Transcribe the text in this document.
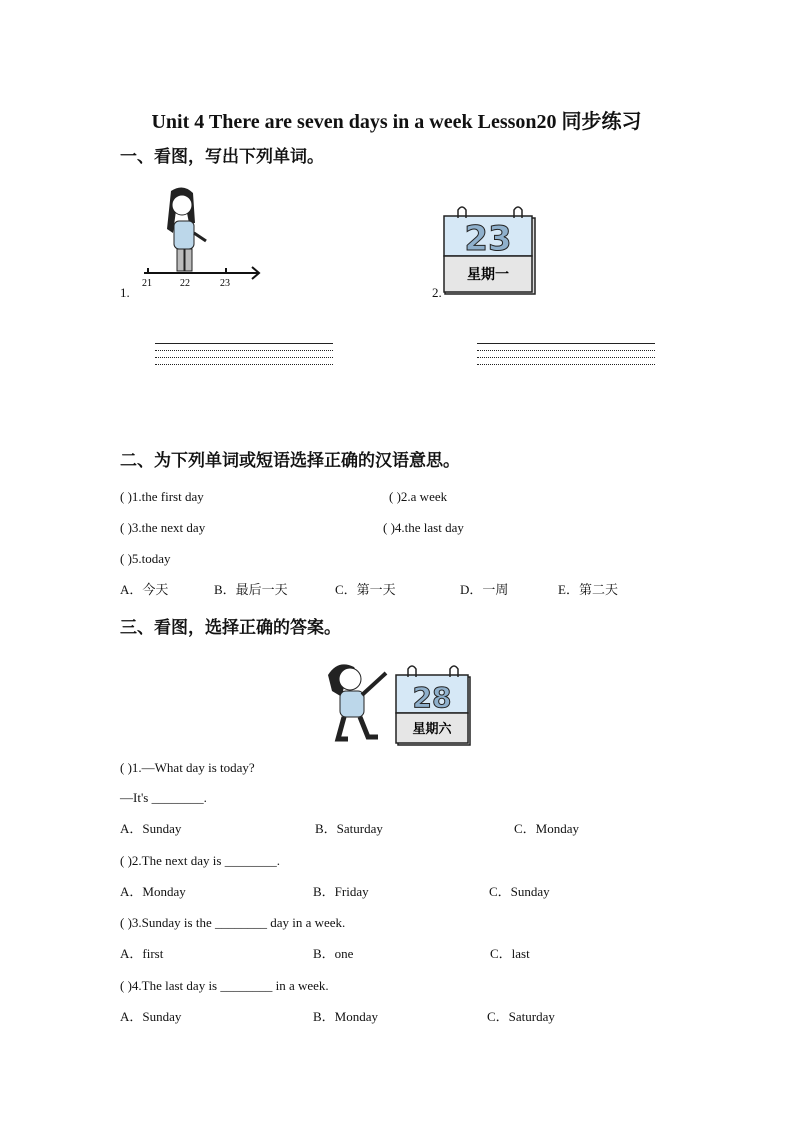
Unit 4 There are seven days in a week Lesson20 同步练习
一、看图，写出下列单词。
21	22	23
1.
23
星期一
2.
二、为下列单词或短语选择正确的汉语意思。
( )1.the first day	( )2.a week
( )3.the next day	( )4.the last day
( )5.today
A．今天	B．最后一天	C．第一天	D．一周	E．第二天
三、看图，选择正确的答案。
28
星期六
( )1.—What day is today?
—It's ________.
A．Sunday	B．Saturday	C．Monday
( )2.The next day is ________.
A．Monday	B．Friday	C．Sunday
( )3.Sunday is the ________ day in a week.
A．first	B．one	C．last
( )4.The last day is ________ in a week.
A．Sunday	B．Monday	C．Saturday
